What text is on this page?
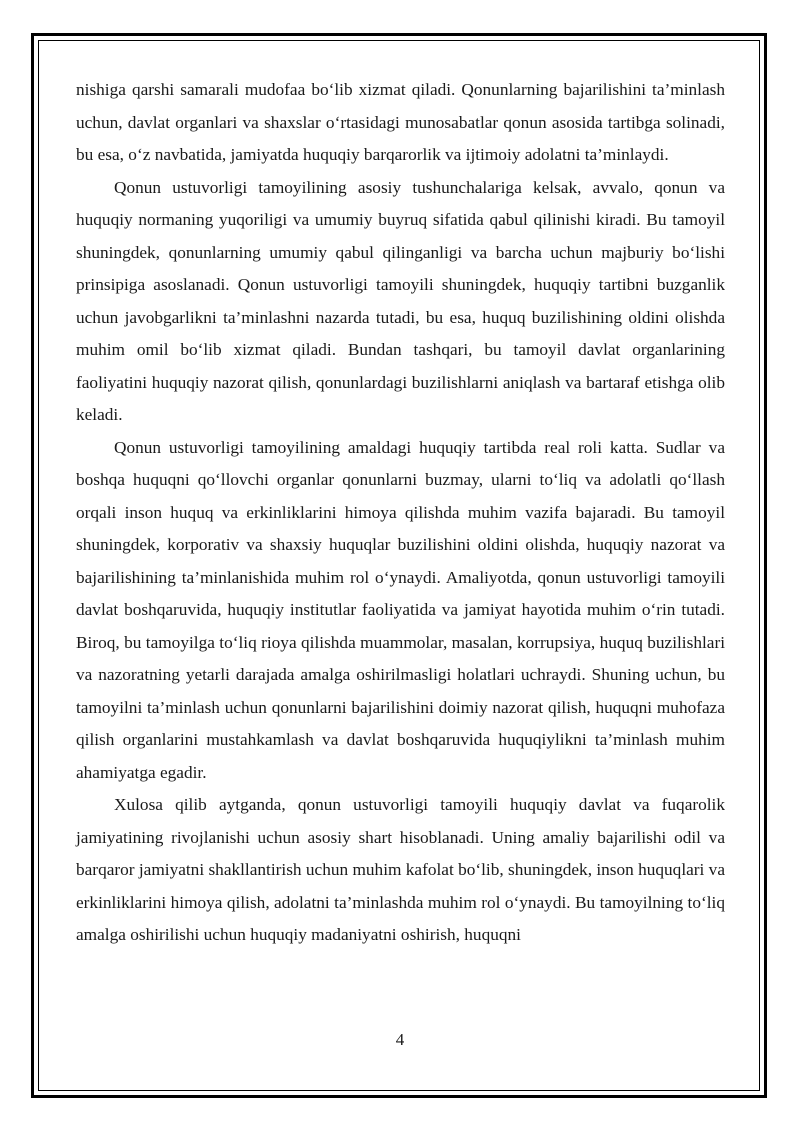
nishiga qarshi samarali mudofaa bo‘lib xizmat qiladi. Qonunlarning bajarilishini ta’minlash uchun, davlat organlari va shaxslar o‘rtasidagi munosabatlar qonun asosida tartibga solinadi, bu esa, o‘z navbatida, jamiyatda huquqiy barqarorlik va ijtimoiy adolatni ta’minlaydi.

Qonun ustuvorligi tamoyilining asosiy tushunchalariga kelsak, avvalo, qonun va huquqiy normaning yuqoriligi va umumiy buyruq sifatida qabul qilinishi kiradi. Bu tamoyil shuningdek, qonunlarning umumiy qabul qilinganligi va barcha uchun majburiy bo‘lishi prinsipiga asoslanadi. Qonun ustuvorligi tamoyili shuningdek, huquqiy tartibni buzganlik uchun javobgarlikni ta’minlashni nazarda tutadi, bu esa, huquq buzilishining oldini olishda muhim omil bo‘lib xizmat qiladi. Bundan tashqari, bu tamoyil davlat organlarining faoliyatini huquqiy nazorat qilish, qonunlardagi buzilishlarni aniqlash va bartaraf etishga olib keladi.

Qonun ustuvorligi tamoyilining amaldagi huquqiy tartibda real roli katta. Sudlar va boshqa huquqni qo‘llovchi organlar qonunlarni buzmay, ularni to‘liq va adolatli qo‘llash orqali inson huquq va erkinliklarini himoya qilishda muhim vazifa bajaradi. Bu tamoyil shuningdek, korporativ va shaxsiy huquqlar buzilishini oldini olishda, huquqiy nazorat va bajarilishining ta’minlanishida muhim rol o‘ynaydi. Amaliyotda, qonun ustuvorligi tamoyili davlat boshqaruvida, huquqiy institutlar faoliyatida va jamiyat hayotida muhim o‘rin tutadi. Biroq, bu tamoyilga to‘liq rioya qilishda muammolar, masalan, korrupsiya, huquq buzilishlari va nazoratning yetarli darajada amalga oshirilmasligi holatlari uchraydi. Shuning uchun, bu tamoyilni ta’minlash uchun qonunlarni bajarilishini doimiy nazorat qilish, huquqni muhofaza qilish organlarini mustahkamlash va davlat boshqaruvida huquqiylikni ta’minlash muhim ahamiyatga egadir.

Xulosa qilib aytganda, qonun ustuvorligi tamoyili huquqiy davlat va fuqarolik jamiyatining rivojlanishi uchun asosiy shart hisoblanadi. Uning amaliy bajarilishi odil va barqaror jamiyatni shakllantirish uchun muhim kafolat bo‘lib, shuningdek, inson huquqlari va erkinliklarini himoya qilish, adolatni ta’minlashda muhim rol o‘ynaydi. Bu tamoyilning to‘liq amalga oshirilishi uchun huquqiy madaniyatni oshirish, huquqni

4
